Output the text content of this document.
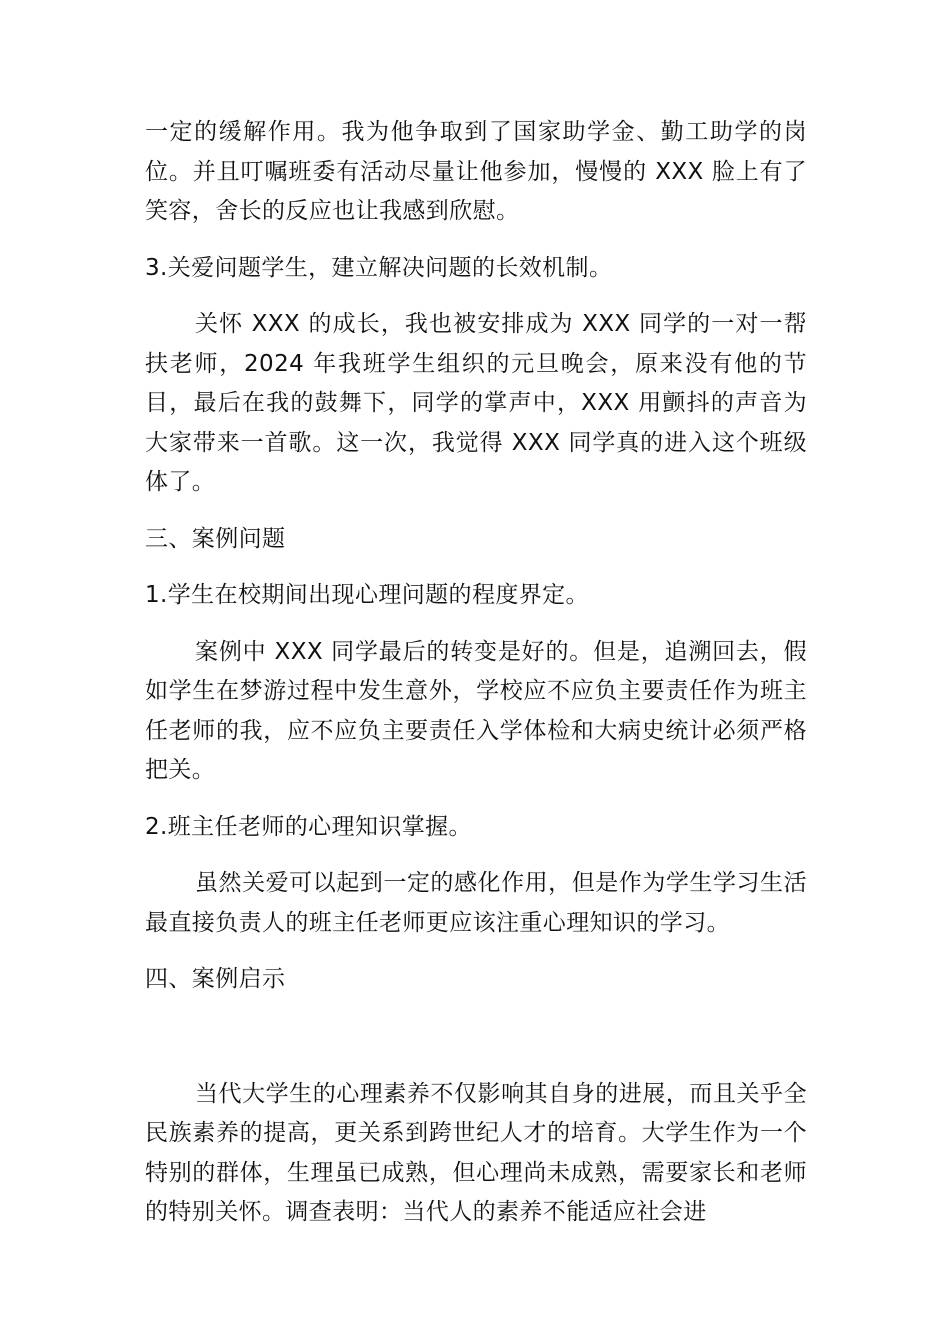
一定的缓解作用。我为他争取到了国家助学金、勤工助学的岗位。并且叮嘱班委有活动尽量让他参加，慢慢的 XXX 脸上有了笑容，舍长的反应也让我感到欣慰。

3.关爱问题学生，建立解决问题的长效机制。

关怀 XXX 的成长，我也被安排成为 XXX 同学的一对一帮扶老师，2024 年我班学生组织的元旦晚会，原来没有他的节目，最后在我的鼓舞下，同学的掌声中，XXX 用颤抖的声音为大家带来一首歌。这一次，我觉得 XXX 同学真的进入这个班级体了。

三、案例问题

1.学生在校期间出现心理问题的程度界定。

案例中 XXX 同学最后的转变是好的。但是，追溯回去，假如学生在梦游过程中发生意外，学校应不应负主要责任作为班主任老师的我，应不应负主要责任入学体检和大病史统计必须严格把关。

2.班主任老师的心理知识掌握。

虽然关爱可以起到一定的感化作用，但是作为学生学习生活最直接负责人的班主任老师更应该注重心理知识的学习。

四、案例启示

当代大学生的心理素养不仅影响其自身的进展，而且关乎全民族素养的提高，更关系到跨世纪人才的培育。大学生作为一个特别的群体，生理虽已成熟，但心理尚未成熟，需要家长和老师的特别关怀。调查表明：当代人的素养不能适应社会进
